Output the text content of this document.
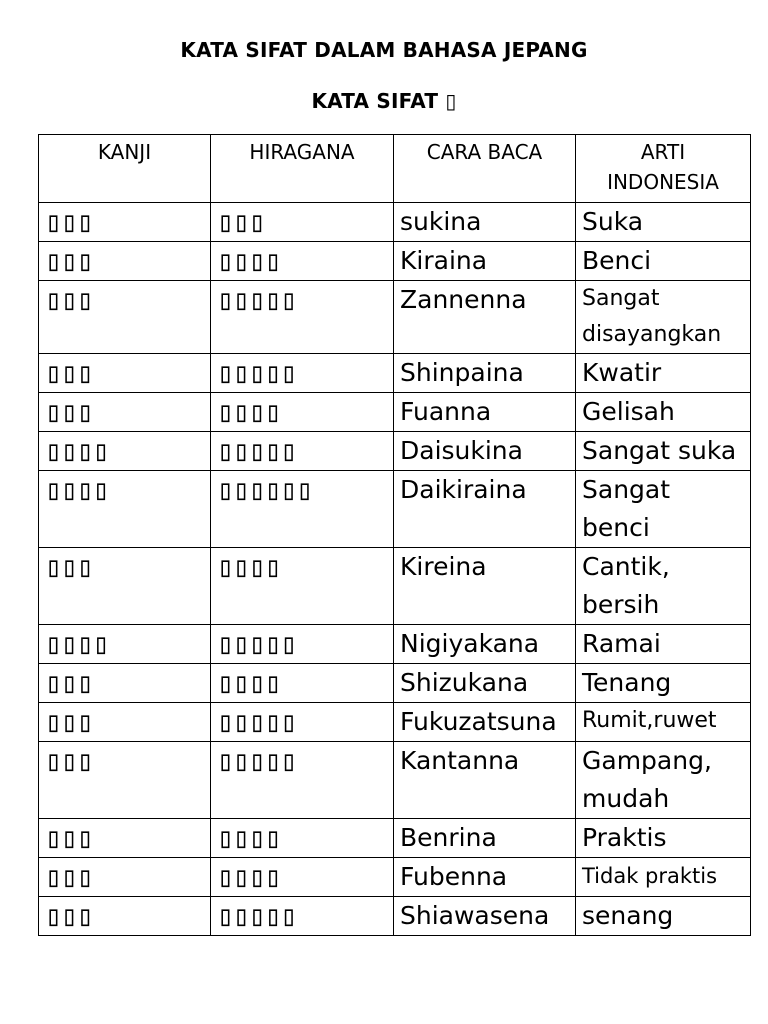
KATA SIFAT DALAM BAHASA JEPANG
KATA SIFAT ▯
KANJI	HIRAGANA	CARA BACA	ARTI INDONESIA
▯▯▯	▯▯▯	sukina	Suka
▯▯▯	▯▯▯▯	Kiraina	Benci
▯▯▯	▯▯▯▯▯	Zannenna	Sangat disayangkan
▯▯▯	▯▯▯▯▯	Shinpaina	Kwatir
▯▯▯	▯▯▯▯	Fuanna	Gelisah
▯▯▯▯	▯▯▯▯▯	Daisukina	Sangat suka
▯▯▯▯	▯▯▯▯▯▯	Daikiraina	Sangat benci
▯▯▯	▯▯▯▯	Kireina	Cantik, bersih
▯▯▯▯	▯▯▯▯▯	Nigiyakana	Ramai
▯▯▯	▯▯▯▯	Shizukana	Tenang
▯▯▯	▯▯▯▯▯	Fukuzatsuna	Rumit,ruwet
▯▯▯	▯▯▯▯▯	Kantanna	Gampang, mudah
▯▯▯	▯▯▯▯	Benrina	Praktis
▯▯▯	▯▯▯▯	Fubenna	Tidak praktis
▯▯▯	▯▯▯▯▯	Shiawasena	senang
